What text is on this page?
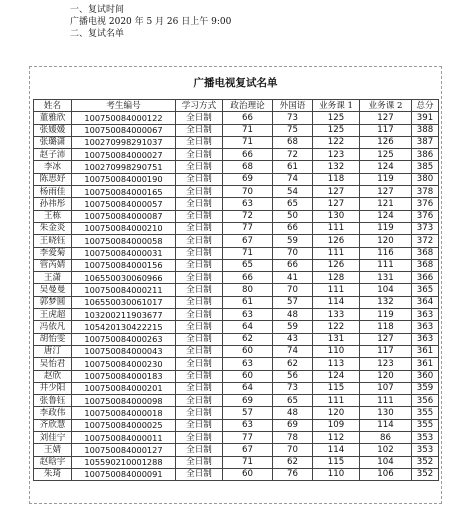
一、复试时间
广播电视 2020 年 5 月 26 日上午 9:00
二、复试名单
广播电视复试名单
姓名	考生编号	学习方式	政治理论	外国语	业务课 1	业务课 2	总分
董雅欣	100750084000122	全日制	66	73	125	127	391
张媛媛	100750084000067	全日制	71	75	125	117	388
张璐潇	100270998291037	全日制	71	68	122	126	387
赵子沛	100750084000027	全日制	66	72	123	125	386
李冰	100270998290751	全日制	68	61	132	124	385
陈思妤	100750084000190	全日制	69	74	118	119	380
杨雨佳	100750084000165	全日制	70	54	127	127	378
孙祎彤	100750084000057	全日制	63	65	127	121	376
王栋	100750084000087	全日制	72	50	130	124	376
朱金炎	100750084000210	全日制	77	66	111	119	373
王晓钰	100750084000058	全日制	67	59	126	120	372
李爱菊	100750084000031	全日制	71	70	111	116	368
管芮婧	100750084000156	全日制	65	66	126	111	368
王潇	106550030060966	全日制	66	41	128	131	366
吴曼曼	100750084000211	全日制	80	70	111	104	365
郭梦圆	106550030061017	全日制	61	57	114	132	364
王虎超	103200211903677	全日制	63	48	133	119	363
冯依凡	105420130422215	全日制	64	59	122	118	363
胡怡雯	100750084000263	全日制	62	43	131	127	363
唐汀	100750084000043	全日制	60	74	110	117	361
吴怡君	100750084000230	全日制	63	62	113	123	361
赵欣	100750084000183	全日制	60	56	124	120	360
井少阳	100750084000201	全日制	64	73	115	107	359
张鲁钰	100750084000098	全日制	69	65	111	111	356
李政伟	100750084000018	全日制	57	48	120	130	355
齐欣慧	100750084000025	全日制	63	69	109	114	355
刘佳宁	100750084000011	全日制	77	78	112	86	353
王婧	100750084000127	全日制	67	70	114	102	353
赵晗宇	105590210001288	全日制	71	62	115	104	352
朱琦	100750084000091	全日制	60	76	110	106	352
